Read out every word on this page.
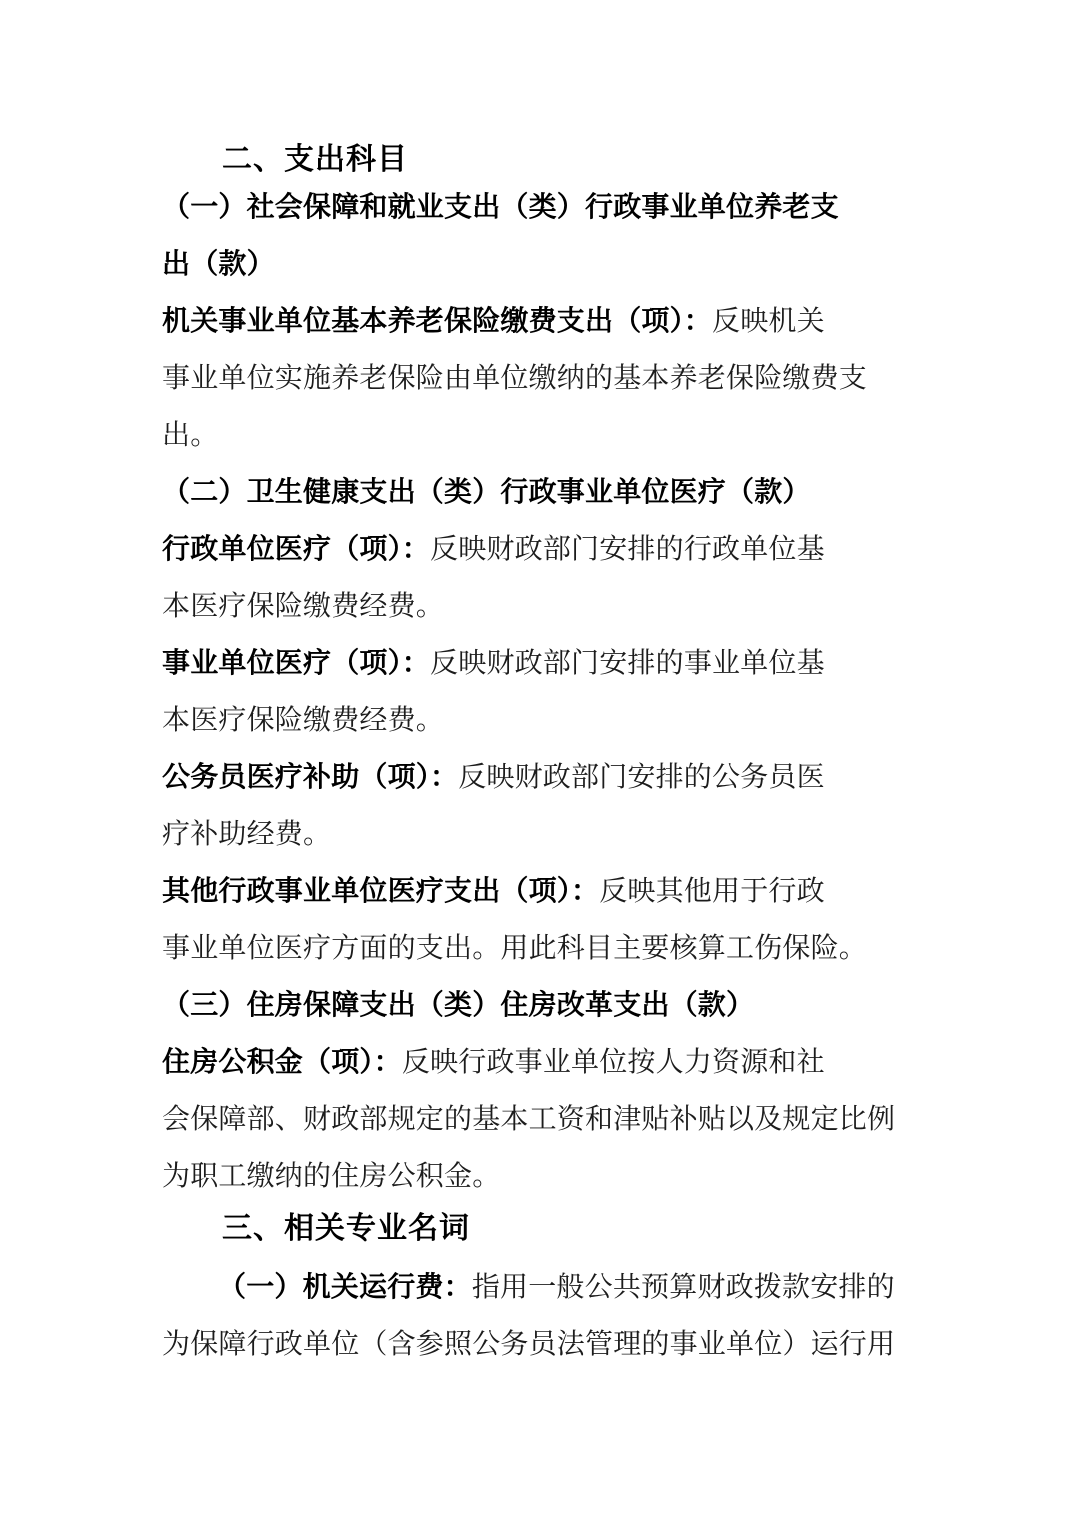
二、支出科目
（一）社会保障和就业支出（类）行政事业单位养老支
出（款）
机关事业单位基本养老保险缴费支出（项）：反映机关
事业单位实施养老保险由单位缴纳的基本养老保险缴费支
出。
（二）卫生健康支出（类）行政事业单位医疗（款）
行政单位医疗（项）：反映财政部门安排的行政单位基
本医疗保险缴费经费。
事业单位医疗（项）：反映财政部门安排的事业单位基
本医疗保险缴费经费。
公务员医疗补助（项）：反映财政部门安排的公务员医
疗补助经费。
其他行政事业单位医疗支出（项）：反映其他用于行政
事业单位医疗方面的支出。用此科目主要核算工伤保险。
（三）住房保障支出（类）住房改革支出（款）
住房公积金（项）：反映行政事业单位按人力资源和社
会保障部、财政部规定的基本工资和津贴补贴以及规定比例
为职工缴纳的住房公积金。
三、相关专业名词
（一）机关运行费：指用一般公共预算财政拨款安排的
为保障行政单位（含参照公务员法管理的事业单位）运行用
